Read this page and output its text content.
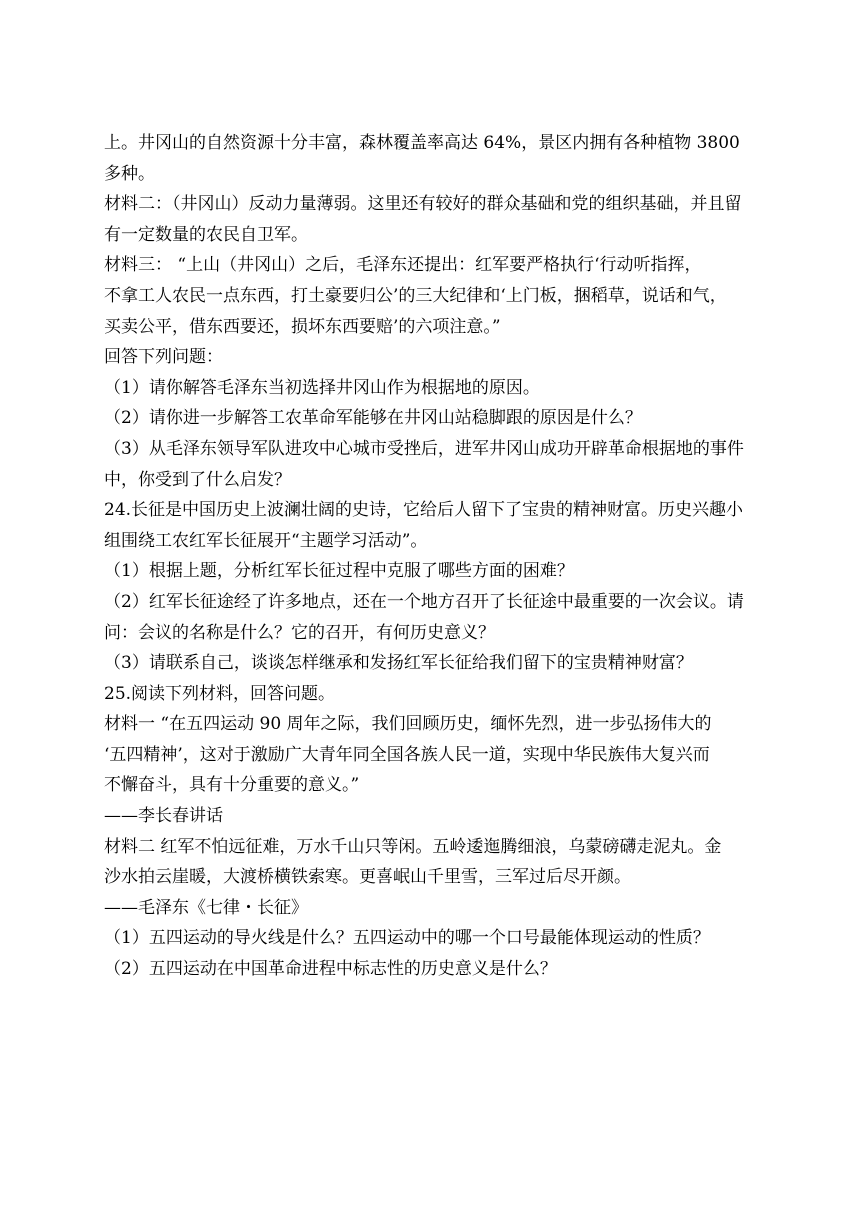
上。井冈山的自然资源十分丰富，森林覆盖率高达 64%，景区内拥有各种植物 3800
多种。
材料二：（井冈山）反动力量薄弱。这里还有较好的群众基础和党的组织基础，并且留
有一定数量的农民自卫军。
材料三： “上山（井冈山）之后，毛泽东还提出：红军要严格执行‘行动听指挥，
不拿工人农民一点东西，打土豪要归公’的三大纪律和‘上门板，捆稻草，说话和气，
买卖公平，借东西要还，损坏东西要赔’的六项注意。”
回答下列问题：
（1）请你解答毛泽东当初选择井冈山作为根据地的原因。
（2）请你进一步解答工农革命军能够在井冈山站稳脚跟的原因是什么？
（3）从毛泽东领导军队进攻中心城市受挫后，进军井冈山成功开辟革命根据地的事件
中，你受到了什么启发？
24.长征是中国历史上波澜壮阔的史诗，它给后人留下了宝贵的精神财富。历史兴趣小
组围绕工农红军长征展开“主题学习活动”。
（1）根据上题，分析红军长征过程中克服了哪些方面的困难？
（2）红军长征途经了许多地点，还在一个地方召开了长征途中最重要的一次会议。请
问：会议的名称是什么？它的召开，有何历史意义？
（3）请联系自己，谈谈怎样继承和发扬红军长征给我们留下的宝贵精神财富？
25.阅读下列材料，回答问题。
材料一 “在五四运动 90 周年之际，我们回顾历史，缅怀先烈，进一步弘扬伟大的
‘五四精神’，这对于激励广大青年同全国各族人民一道，实现中华民族伟大复兴而
不懈奋斗，具有十分重要的意义。”
——李长春讲话
材料二 红军不怕远征难，万水千山只等闲。五岭逶迤腾细浪，乌蒙磅礴走泥丸。金
沙水拍云崖暖，大渡桥横铁索寒。更喜岷山千里雪，三军过后尽开颜。
——毛泽东《七律・长征》
（1）五四运动的导火线是什么？五四运动中的哪一个口号最能体现运动的性质？
（2）五四运动在中国革命进程中标志性的历史意义是什么？
